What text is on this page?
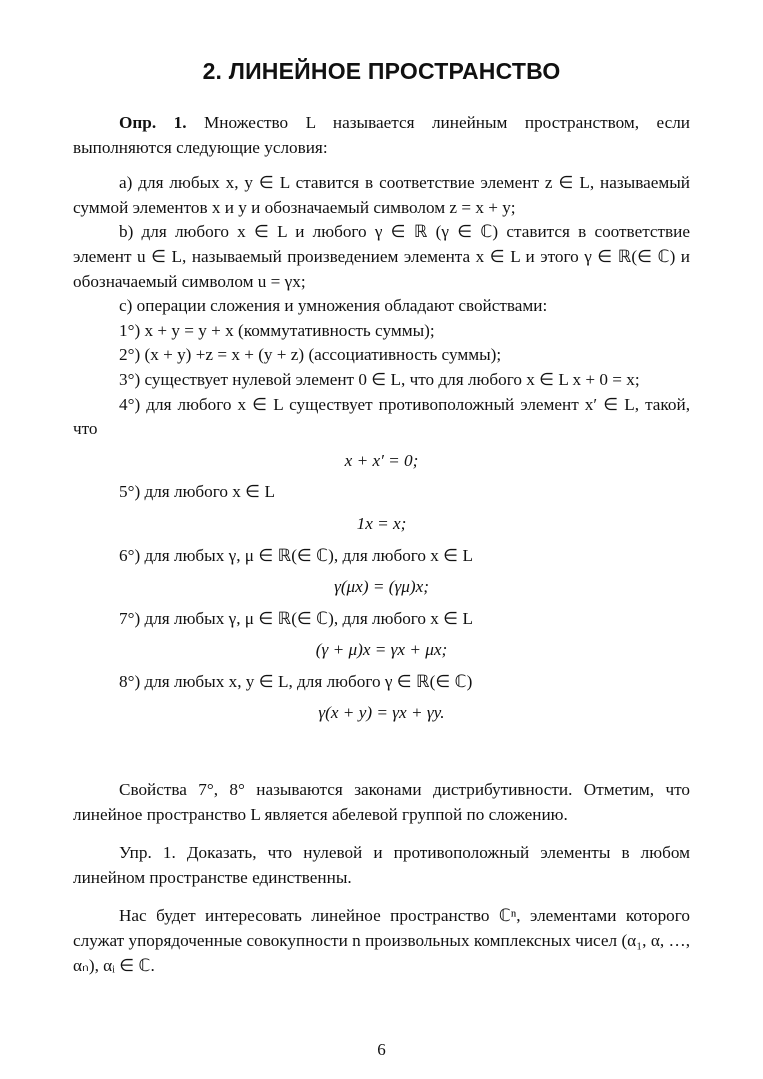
2. ЛИНЕЙНОЕ ПРОСТРАНСТВО

Опр. 1. Множество L называется линейным пространством, если выполняются следующие условия:

а) для любых x, y ∈ L ставится в соответствие элемент z ∈ L, называемый суммой элементов x и y и обозначаемый символом z = x + y;

b) для любого x ∈ L и любого γ ∈ ℝ (γ ∈ ℂ) ставится в соответствие элемент u ∈ L, называемый произведением элемента x ∈ L и этого γ ∈ ℝ(∈ ℂ) и обозначаемый символом u = γx;

с) операции сложения и умножения обладают свойствами:

1°) x + y = y + x (коммутативность суммы);

2°) (x + y) +z = x + (y + z) (ассоциативность суммы);

3°) существует нулевой элемент 0 ∈ L, что для любого x ∈ L x + 0 = x;

4°) для любого x ∈ L существует противоположный элемент x′ ∈ L, такой, что

x + x′ = 0;

5°) для любого x ∈ L

1x = x;

6°) для любых γ, μ ∈ ℝ(∈ ℂ), для любого x ∈ L

γ(μx) = (γμ)x;

7°) для любых γ, μ ∈ ℝ(∈ ℂ), для любого x ∈ L

(γ + μ)x = γx + μx;

8°) для любых x, y ∈ L, для любого γ ∈ ℝ(∈ ℂ)

γ(x + y) = γx + γy.

Свойства 7°, 8° называются законами дистрибутивности. Отметим, что линейное пространство L является абелевой группой по сложению.

Упр. 1. Доказать, что нулевой и противоположный элементы в любом линейном пространстве единственны.

Нас будет интересовать линейное пространство ℂⁿ, элементами которого служат упорядоченные совокупности n произвольных комплексных чисел (α₁, α, …, αₙ), αᵢ ∈ ℂ.

6
